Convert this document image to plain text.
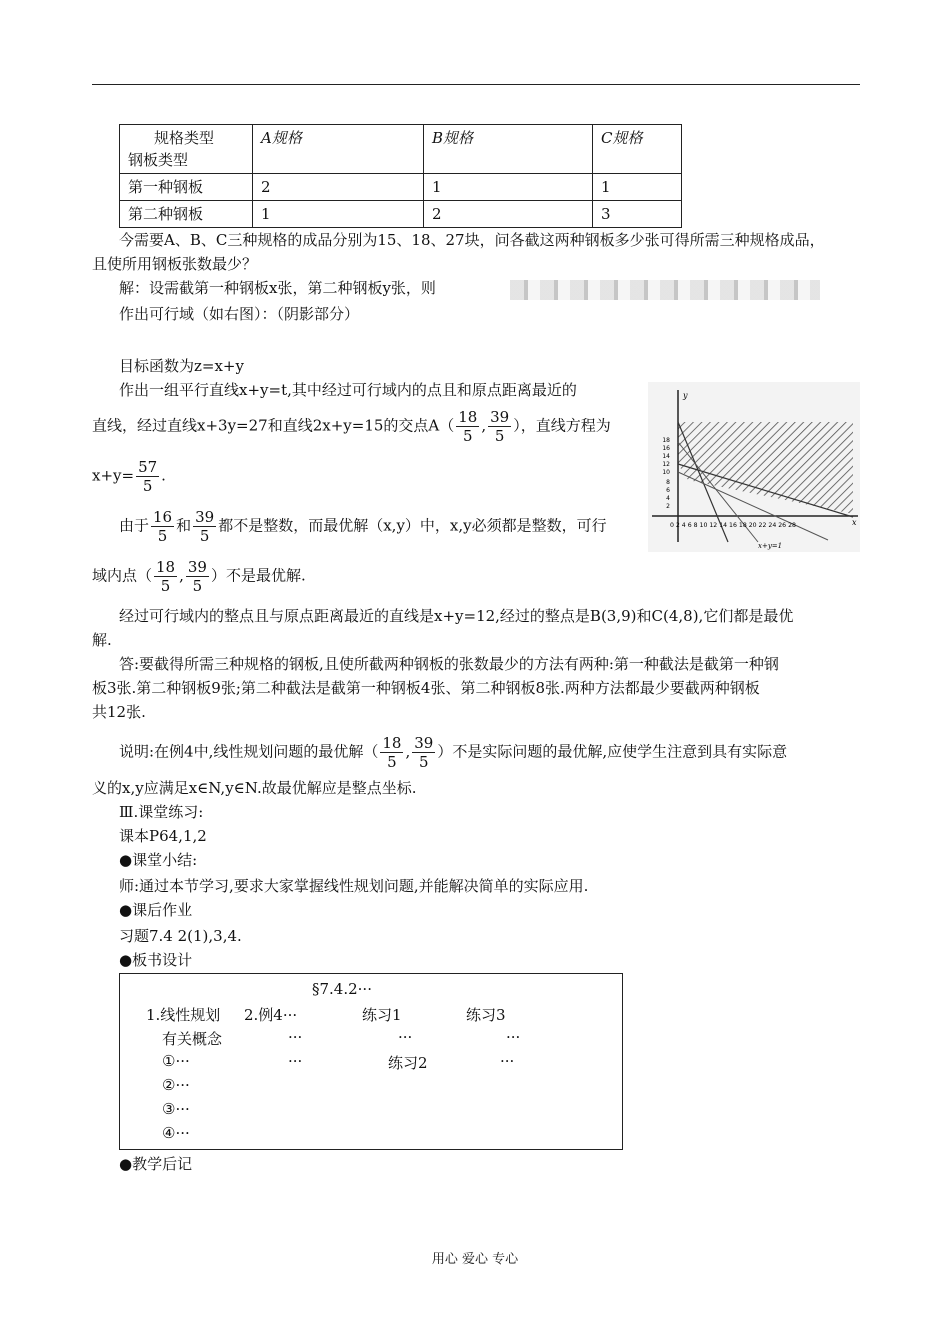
规格类型
钢板类型	A规格	B规格	C规格
第一种钢板	2	1	1
第二种钢板	1	2	3
今需要A、B、C三种规格的成品分别为15、18、27块，问各截这两种钢板多少张可得所需三种规格成品，
且使所用钢板张数最少？
解：设需截第一种钢板x张，第二种钢板y张，则
作出可行域（如右图）：（阴影部分）
目标函数为z=x+y
作出一组平行直线x+y=t,其中经过可行域内的点且和原点距离最近的
直线，经过直线x+3y=27和直线2x+y=15的交点$A( \frac{18}{5}$ , $\frac{39}{5}$ ），直线方程为
$x+y= \frac{57}{5}$ .
由于 $\frac{16}{5}$ 和 $\frac{39}{5}$ 都不是整数，而最优解（x,y）中，x,y必须都是整数，可行
域内点（ $\frac{18}{5}$ , $\frac{39}{5}$ ）不是最优解.
经过可行域内的整点且与原点距离最近的直线是x+y=12,经过的整点是B(3,9)和C(4,8),它们都是最优
解.
答:要截得所需三种规格的钢板,且使所截两种钢板的张数最少的方法有两种:第一种截法是截第一种钢
板3张.第二种钢板9张;第二种截法是截第一种钢板4张、第二种钢板8张.两种方法都最少要截两种钢板
共12张.
说明:在例4中,线性规划问题的最优解（ $\frac{18}{5}$ , $\frac{39}{5}$ ）不是实际问题的最优解,应使学生注意到具有实际意
义的x,y应满足x∈N,y∈N.故最优解应是整点坐标.
Ⅲ.课堂练习:
课本P64,1,2
●课堂小结:
师:通过本节学习,要求大家掌握线性规划问题,并能解决简单的实际应用.
●课后作业
习题7.4 2(1),3,4.
●板书设计
y
x
0 2 4 6 8 10 12 14 16 18 20 22 24 26 28
18
16
14
12
10
8
6
4
2
x+y=1
§7.4.2···
1.线性规划 2.例4···	练习1	练习3
有关概念	···	···	···
①···	···	练习2	···
②···
③···
④···
●教学后记
用心 爱心 专心
